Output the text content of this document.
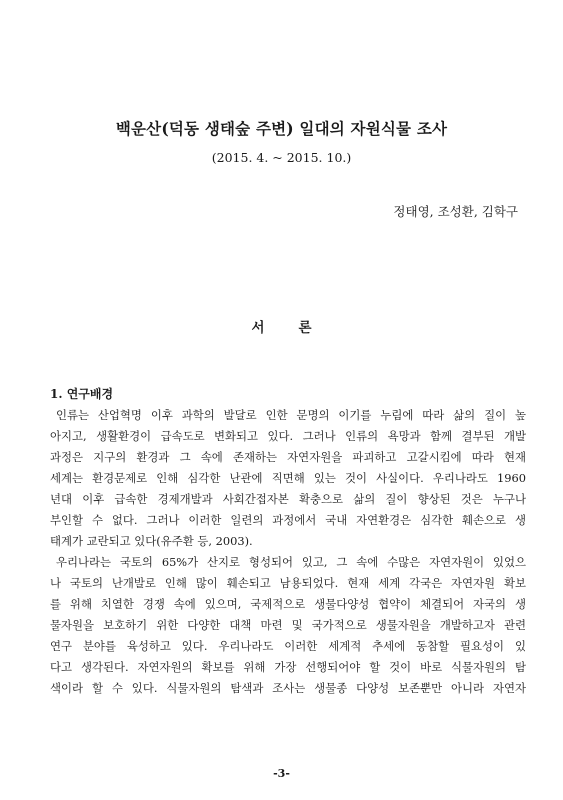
백운산(덕동 생태숲 주변) 일대의 자원식물 조사
(2015. 4. ~ 2015. 10.)
정태영, 조성환, 김학구
서	론
1. 연구배경
인류는 산업혁명 이후 과학의 발달로 인한 문명의 이기를 누림에 따라 삶의 질이 높
아지고, 생활환경이 급속도로 변화되고 있다. 그러나 인류의 욕망과 함께 결부된 개발
과정은 지구의 환경과 그 속에 존재하는 자연자원을 파괴하고 고갈시킴에 따라 현재
세계는 환경문제로 인해 심각한 난관에 직면해 있는 것이 사실이다. 우리나라도 1960
년대 이후 급속한 경제개발과 사회간접자본 확충으로 삶의 질이 향상된 것은 누구나
부인할 수 없다. 그러나 이러한 일련의 과정에서 국내 자연환경은 심각한 훼손으로 생
태계가 교란되고 있다(유주환 등, 2003).
우리나라는 국토의 65%가 산지로 형성되어 있고, 그 속에 수많은 자연자원이 있었으
나 국토의 난개발로 인해 많이 훼손되고 남용되었다. 현재 세계 각국은 자연자원 확보
를 위해 치열한 경쟁 속에 있으며, 국제적으로 생물다양성 협약이 체결되어 자국의 생
물자원을 보호하기 위한 다양한 대책 마련 및 국가적으로 생물자원을 개발하고자 관련
연구 분야를 육성하고 있다. 우리나라도 이러한 세계적 추세에 동참할 필요성이 있
다고 생각된다. 자연자원의 확보를 위해 가장 선행되어야 할 것이 바로 식물자원의 탐
색이라 할 수 있다. 식물자원의 탐색과 조사는 생물종 다양성 보존뿐만 아니라 자연자
-3-
